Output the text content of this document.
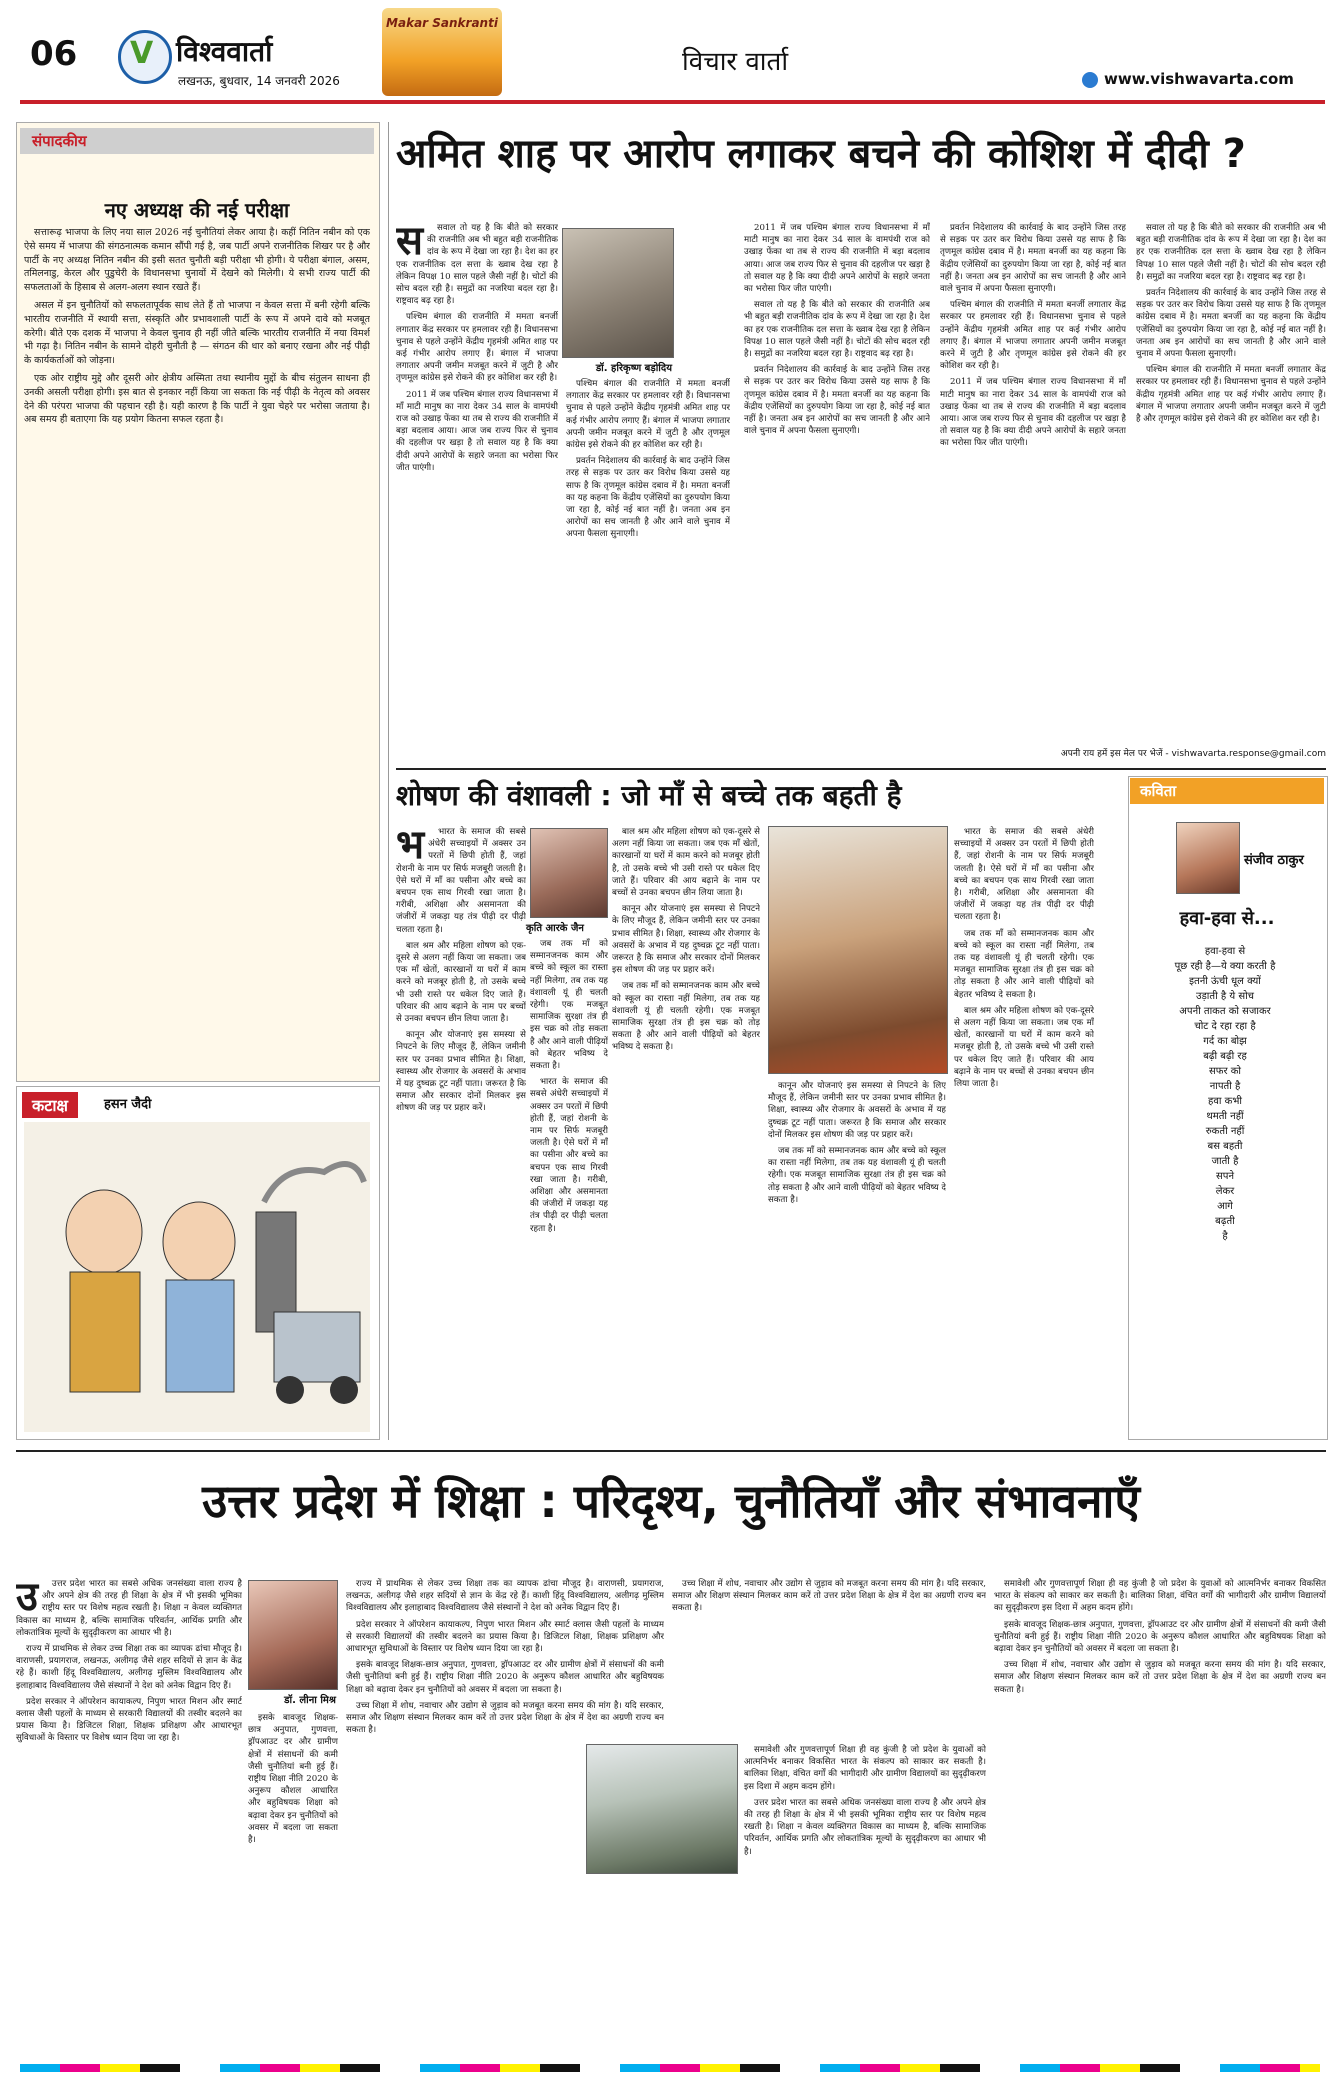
06 V विश्ववार्ता
लखनऊ, बुधवार, 14 जनवरी 2026
Makar Sankranti
विचार वार्ता
www.vishwavarta.com
संपादकीय
नए अध्यक्ष की नई परीक्षा

सत्तारूढ़ भाजपा के लिए नया साल 2026 नई चुनौतियां लेकर आया है। कहीं नितिन नबीन को एक ऐसे समय में भाजपा की संगठनात्मक कमान सौंपी गई है, जब पार्टी अपने राजनीतिक शिखर पर है और पार्टी के नए अध्यक्ष नितिन नबीन की इसी सतत चुनौती बड़ी परीक्षा भी होगी। ये परीक्षा बंगाल, असम, तमिलनाडु, केरल और पुडुचेरी के विधानसभा चुनावों में देखने को मिलेगी। ये सभी राज्य पार्टी की सफलताओं के हिसाब से अलग-अलग स्थान रखते हैं।

असल में इन चुनौतियों को सफलतापूर्वक साध लेते हैं तो भाजपा न केवल सत्ता में बनी रहेगी बल्कि भारतीय राजनीति में स्थायी सत्ता, संस्कृति और प्रभावशाली पार्टी के रूप में अपने दावे को मजबूत करेगी। बीते एक दशक में भाजपा ने केवल चुनाव ही नहीं जीते बल्कि भारतीय राजनीति में नया विमर्श भी गढ़ा है। नितिन नबीन के सामने दोहरी चुनौती है — संगठन की धार को बनाए रखना और नई पीढ़ी के कार्यकर्ताओं को जोड़ना।

एक ओर राष्ट्रीय मुद्दे और दूसरी ओर क्षेत्रीय अस्मिता तथा स्थानीय मुद्दों के बीच संतुलन साधना ही उनकी असली परीक्षा होगी। इस बात से इनकार नहीं किया जा सकता कि नई पीढ़ी के नेतृत्व को अवसर देने की परंपरा भाजपा की पहचान रही है। यही कारण है कि पार्टी ने युवा चेहरे पर भरोसा जताया है। अब समय ही बताएगा कि यह प्रयोग कितना सफल रहता है।

कटाक्ष	हसन जैदी
अमित शाह पर आरोप लगाकर बचने की कोशिश में दीदी ?
डॉ. हरिकृष्ण बड़ोदिय
स	सवाल तो यह है कि बीते को सरकार की राजनीति अब भी बहुत बड़ी राजनीतिक दांव के रूप में देखा जा रहा है। देश का हर एक राजनीतिक दल सत्ता के ख्वाब देख रहा है लेकिन विपक्ष 10 साल पहले जैसी नहीं है। चोटों की सोच बदल रही है। समुद्रों का नजरिया बदल रहा है। राष्ट्रवाद बढ़ रहा है।

पश्चिम बंगाल की राजनीति में ममता बनर्जी लगातार केंद्र सरकार पर हमलावर रही हैं। विधानसभा चुनाव से पहले उन्होंने केंद्रीय गृहमंत्री अमित शाह पर कई गंभीर आरोप लगाए हैं। बंगाल में भाजपा लगातार अपनी जमीन मजबूत करने में जुटी है और तृणमूल कांग्रेस इसे रोकने की हर कोशिश कर रही है।

2011 में जब पश्चिम बंगाल राज्य विधानसभा में माँ माटी मानुष का नारा देकर 34 साल के वामपंथी राज को उखाड़ फेंका था तब से राज्य की राजनीति में बड़ा बदलाव आया। आज जब राज्य फिर से चुनाव की दहलीज पर खड़ा है तो सवाल यह है कि क्या दीदी अपने आरोपों के सहारे जनता का भरोसा फिर जीत पाएंगी।

पश्चिम बंगाल की राजनीति में ममता बनर्जी लगातार केंद्र सरकार पर हमलावर रही हैं। विधानसभा चुनाव से पहले उन्होंने केंद्रीय गृहमंत्री अमित शाह पर कई गंभीर आरोप लगाए हैं। बंगाल में भाजपा लगातार अपनी जमीन मजबूत करने में जुटी है और तृणमूल कांग्रेस इसे रोकने की हर कोशिश कर रही है।

प्रवर्तन निदेशालय की कार्रवाई के बाद उन्होंने जिस तरह से सड़क पर उतर कर विरोध किया उससे यह साफ है कि तृणमूल कांग्रेस दबाव में है। ममता बनर्जी का यह कहना कि केंद्रीय एजेंसियों का दुरुपयोग किया जा रहा है, कोई नई बात नहीं है। जनता अब इन आरोपों का सच जानती है और आने वाले चुनाव में अपना फैसला सुनाएगी।

2011 में जब पश्चिम बंगाल राज्य विधानसभा में माँ माटी मानुष का नारा देकर 34 साल के वामपंथी राज को उखाड़ फेंका था तब से राज्य की राजनीति में बड़ा बदलाव आया। आज जब राज्य फिर से चुनाव की दहलीज पर खड़ा है तो सवाल यह है कि क्या दीदी अपने आरोपों के सहारे जनता का भरोसा फिर जीत पाएंगी।

सवाल तो यह है कि बीते को सरकार की राजनीति अब भी बहुत बड़ी राजनीतिक दांव के रूप में देखा जा रहा है। देश का हर एक राजनीतिक दल सत्ता के ख्वाब देख रहा है लेकिन विपक्ष 10 साल पहले जैसी नहीं है। चोटों की सोच बदल रही है। समुद्रों का नजरिया बदल रहा है। राष्ट्रवाद बढ़ रहा है।

प्रवर्तन निदेशालय की कार्रवाई के बाद उन्होंने जिस तरह से सड़क पर उतर कर विरोध किया उससे यह साफ है कि तृणमूल कांग्रेस दबाव में है। ममता बनर्जी का यह कहना कि केंद्रीय एजेंसियों का दुरुपयोग किया जा रहा है, कोई नई बात नहीं है। जनता अब इन आरोपों का सच जानती है और आने वाले चुनाव में अपना फैसला सुनाएगी।

प्रवर्तन निदेशालय की कार्रवाई के बाद उन्होंने जिस तरह से सड़क पर उतर कर विरोध किया उससे यह साफ है कि तृणमूल कांग्रेस दबाव में है। ममता बनर्जी का यह कहना कि केंद्रीय एजेंसियों का दुरुपयोग किया जा रहा है, कोई नई बात नहीं है। जनता अब इन आरोपों का सच जानती है और आने वाले चुनाव में अपना फैसला सुनाएगी।

पश्चिम बंगाल की राजनीति में ममता बनर्जी लगातार केंद्र सरकार पर हमलावर रही हैं। विधानसभा चुनाव से पहले उन्होंने केंद्रीय गृहमंत्री अमित शाह पर कई गंभीर आरोप लगाए हैं। बंगाल में भाजपा लगातार अपनी जमीन मजबूत करने में जुटी है और तृणमूल कांग्रेस इसे रोकने की हर कोशिश कर रही है।

2011 में जब पश्चिम बंगाल राज्य विधानसभा में माँ माटी मानुष का नारा देकर 34 साल के वामपंथी राज को उखाड़ फेंका था तब से राज्य की राजनीति में बड़ा बदलाव आया। आज जब राज्य फिर से चुनाव की दहलीज पर खड़ा है तो सवाल यह है कि क्या दीदी अपने आरोपों के सहारे जनता का भरोसा फिर जीत पाएंगी।

सवाल तो यह है कि बीते को सरकार की राजनीति अब भी बहुत बड़ी राजनीतिक दांव के रूप में देखा जा रहा है। देश का हर एक राजनीतिक दल सत्ता के ख्वाब देख रहा है लेकिन विपक्ष 10 साल पहले जैसी नहीं है। चोटों की सोच बदल रही है। समुद्रों का नजरिया बदल रहा है। राष्ट्रवाद बढ़ रहा है।

प्रवर्तन निदेशालय की कार्रवाई के बाद उन्होंने जिस तरह से सड़क पर उतर कर विरोध किया उससे यह साफ है कि तृणमूल कांग्रेस दबाव में है। ममता बनर्जी का यह कहना कि केंद्रीय एजेंसियों का दुरुपयोग किया जा रहा है, कोई नई बात नहीं है। जनता अब इन आरोपों का सच जानती है और आने वाले चुनाव में अपना फैसला सुनाएगी।

पश्चिम बंगाल की राजनीति में ममता बनर्जी लगातार केंद्र सरकार पर हमलावर रही हैं। विधानसभा चुनाव से पहले उन्होंने केंद्रीय गृहमंत्री अमित शाह पर कई गंभीर आरोप लगाए हैं। बंगाल में भाजपा लगातार अपनी जमीन मजबूत करने में जुटी है और तृणमूल कांग्रेस इसे रोकने की हर कोशिश कर रही है।

अपनी राय हमें इस मेल पर भेजें - vishwavarta.response@gmail.com
शोषण की वंशावली : जो माँ से बच्चे तक बहती है
कृति आरके जैन
भ	भारत के समाज की सबसे अंधेरी सच्चाइयों में अक्सर उन परतों में छिपी होती हैं, जहां रोशनी के नाम पर सिर्फ मजबूरी जलती है। ऐसे घरों में माँ का पसीना और बच्चे का बचपन एक साथ गिरवी रखा जाता है। गरीबी, अशिक्षा और असमानता की जंजीरों में जकड़ा यह तंत्र पीढ़ी दर पीढ़ी चलता रहता है।

बाल श्रम और महिला शोषण को एक-दूसरे से अलग नहीं किया जा सकता। जब एक माँ खेतों, कारखानों या घरों में काम करने को मजबूर होती है, तो उसके बच्चे भी उसी रास्ते पर धकेल दिए जाते हैं। परिवार की आय बढ़ाने के नाम पर बच्चों से उनका बचपन छीन लिया जाता है।

कानून और योजनाएं इस समस्या से निपटने के लिए मौजूद हैं, लेकिन जमीनी स्तर पर उनका प्रभाव सीमित है। शिक्षा, स्वास्थ्य और रोजगार के अवसरों के अभाव में यह दुष्चक्र टूट नहीं पाता। जरूरत है कि समाज और सरकार दोनों मिलकर इस शोषण की जड़ पर प्रहार करें।

जब तक माँ को सम्मानजनक काम और बच्चे को स्कूल का रास्ता नहीं मिलेगा, तब तक यह वंशावली यूं ही चलती रहेगी। एक मजबूत सामाजिक सुरक्षा तंत्र ही इस चक्र को तोड़ सकता है और आने वाली पीढ़ियों को बेहतर भविष्य दे सकता है।

भारत के समाज की सबसे अंधेरी सच्चाइयों में अक्सर उन परतों में छिपी होती हैं, जहां रोशनी के नाम पर सिर्फ मजबूरी जलती है। ऐसे घरों में माँ का पसीना और बच्चे का बचपन एक साथ गिरवी रखा जाता है। गरीबी, अशिक्षा और असमानता की जंजीरों में जकड़ा यह तंत्र पीढ़ी दर पीढ़ी चलता रहता है।

बाल श्रम और महिला शोषण को एक-दूसरे से अलग नहीं किया जा सकता। जब एक माँ खेतों, कारखानों या घरों में काम करने को मजबूर होती है, तो उसके बच्चे भी उसी रास्ते पर धकेल दिए जाते हैं। परिवार की आय बढ़ाने के नाम पर बच्चों से उनका बचपन छीन लिया जाता है।

कानून और योजनाएं इस समस्या से निपटने के लिए मौजूद हैं, लेकिन जमीनी स्तर पर उनका प्रभाव सीमित है। शिक्षा, स्वास्थ्य और रोजगार के अवसरों के अभाव में यह दुष्चक्र टूट नहीं पाता। जरूरत है कि समाज और सरकार दोनों मिलकर इस शोषण की जड़ पर प्रहार करें।

जब तक माँ को सम्मानजनक काम और बच्चे को स्कूल का रास्ता नहीं मिलेगा, तब तक यह वंशावली यूं ही चलती रहेगी। एक मजबूत सामाजिक सुरक्षा तंत्र ही इस चक्र को तोड़ सकता है और आने वाली पीढ़ियों को बेहतर भविष्य दे सकता है।

कानून और योजनाएं इस समस्या से निपटने के लिए मौजूद हैं, लेकिन जमीनी स्तर पर उनका प्रभाव सीमित है। शिक्षा, स्वास्थ्य और रोजगार के अवसरों के अभाव में यह दुष्चक्र टूट नहीं पाता। जरूरत है कि समाज और सरकार दोनों मिलकर इस शोषण की जड़ पर प्रहार करें।

जब तक माँ को सम्मानजनक काम और बच्चे को स्कूल का रास्ता नहीं मिलेगा, तब तक यह वंशावली यूं ही चलती रहेगी। एक मजबूत सामाजिक सुरक्षा तंत्र ही इस चक्र को तोड़ सकता है और आने वाली पीढ़ियों को बेहतर भविष्य दे सकता है।

भारत के समाज की सबसे अंधेरी सच्चाइयों में अक्सर उन परतों में छिपी होती हैं, जहां रोशनी के नाम पर सिर्फ मजबूरी जलती है। ऐसे घरों में माँ का पसीना और बच्चे का बचपन एक साथ गिरवी रखा जाता है। गरीबी, अशिक्षा और असमानता की जंजीरों में जकड़ा यह तंत्र पीढ़ी दर पीढ़ी चलता रहता है।

जब तक माँ को सम्मानजनक काम और बच्चे को स्कूल का रास्ता नहीं मिलेगा, तब तक यह वंशावली यूं ही चलती रहेगी। एक मजबूत सामाजिक सुरक्षा तंत्र ही इस चक्र को तोड़ सकता है और आने वाली पीढ़ियों को बेहतर भविष्य दे सकता है।

बाल श्रम और महिला शोषण को एक-दूसरे से अलग नहीं किया जा सकता। जब एक माँ खेतों, कारखानों या घरों में काम करने को मजबूर होती है, तो उसके बच्चे भी उसी रास्ते पर धकेल दिए जाते हैं। परिवार की आय बढ़ाने के नाम पर बच्चों से उनका बचपन छीन लिया जाता है।

कविता
संजीव ठाकुर
हवा-हवा से...
हवा-हवा से
पूछ रही है—ये क्या करती है
इतनी ऊंची धूल क्यों
उड़ाती है ये सोच
अपनी ताकत को सजाकर
चोट दे रहा रहा है
गर्द का बोझ
बढ़ी बढ़ी रह
सफर को
नापती है
हवा कभी
थमती नहीं
रुकती नहीं
बस बहती
जाती है
सपने
लेकर
आगे
बढ़ती
है
उत्तर प्रदेश में शिक्षा : परिदृश्य, चुनौतियाँ और संभावनाएँ
डॉ. लीना मिश्र
उ	उत्तर प्रदेश भारत का सबसे अधिक जनसंख्या वाला राज्य है और अपने क्षेत्र की तरह ही शिक्षा के क्षेत्र में भी इसकी भूमिका राष्ट्रीय स्तर पर विशेष महत्व रखती है। शिक्षा न केवल व्यक्तिगत विकास का माध्यम है, बल्कि सामाजिक परिवर्तन, आर्थिक प्रगति और लोकतांत्रिक मूल्यों के सुदृढ़ीकरण का आधार भी है।

राज्य में प्राथमिक से लेकर उच्च शिक्षा तक का व्यापक ढांचा मौजूद है। वाराणसी, प्रयागराज, लखनऊ, अलीगढ़ जैसे शहर सदियों से ज्ञान के केंद्र रहे हैं। काशी हिंदू विश्वविद्यालय, अलीगढ़ मुस्लिम विश्वविद्यालय और इलाहाबाद विश्वविद्यालय जैसे संस्थानों ने देश को अनेक विद्वान दिए हैं।

प्रदेश सरकार ने ऑपरेशन कायाकल्प, निपुण भारत मिशन और स्मार्ट क्लास जैसी पहलों के माध्यम से सरकारी विद्यालयों की तस्वीर बदलने का प्रयास किया है। डिजिटल शिक्षा, शिक्षक प्रशिक्षण और आधारभूत सुविधाओं के विस्तार पर विशेष ध्यान दिया जा रहा है।

इसके बावजूद शिक्षक-छात्र अनुपात, गुणवत्ता, ड्रॉपआउट दर और ग्रामीण क्षेत्रों में संसाधनों की कमी जैसी चुनौतियां बनी हुई हैं। राष्ट्रीय शिक्षा नीति 2020 के अनुरूप कौशल आधारित और बहुविषयक शिक्षा को बढ़ावा देकर इन चुनौतियों को अवसर में बदला जा सकता है।

राज्य में प्राथमिक से लेकर उच्च शिक्षा तक का व्यापक ढांचा मौजूद है। वाराणसी, प्रयागराज, लखनऊ, अलीगढ़ जैसे शहर सदियों से ज्ञान के केंद्र रहे हैं। काशी हिंदू विश्वविद्यालय, अलीगढ़ मुस्लिम विश्वविद्यालय और इलाहाबाद विश्वविद्यालय जैसे संस्थानों ने देश को अनेक विद्वान दिए हैं।

प्रदेश सरकार ने ऑपरेशन कायाकल्प, निपुण भारत मिशन और स्मार्ट क्लास जैसी पहलों के माध्यम से सरकारी विद्यालयों की तस्वीर बदलने का प्रयास किया है। डिजिटल शिक्षा, शिक्षक प्रशिक्षण और आधारभूत सुविधाओं के विस्तार पर विशेष ध्यान दिया जा रहा है।

इसके बावजूद शिक्षक-छात्र अनुपात, गुणवत्ता, ड्रॉपआउट दर और ग्रामीण क्षेत्रों में संसाधनों की कमी जैसी चुनौतियां बनी हुई हैं। राष्ट्रीय शिक्षा नीति 2020 के अनुरूप कौशल आधारित और बहुविषयक शिक्षा को बढ़ावा देकर इन चुनौतियों को अवसर में बदला जा सकता है।

उच्च शिक्षा में शोध, नवाचार और उद्योग से जुड़ाव को मजबूत करना समय की मांग है। यदि सरकार, समाज और शिक्षण संस्थान मिलकर काम करें तो उत्तर प्रदेश शिक्षा के क्षेत्र में देश का अग्रणी राज्य बन सकता है।

उच्च शिक्षा में शोध, नवाचार और उद्योग से जुड़ाव को मजबूत करना समय की मांग है। यदि सरकार, समाज और शिक्षण संस्थान मिलकर काम करें तो उत्तर प्रदेश शिक्षा के क्षेत्र में देश का अग्रणी राज्य बन सकता है।

समावेशी और गुणवत्तापूर्ण शिक्षा ही वह कुंजी है जो प्रदेश के युवाओं को आत्मनिर्भर बनाकर विकसित भारत के संकल्प को साकार कर सकती है। बालिका शिक्षा, वंचित वर्गों की भागीदारी और ग्रामीण विद्यालयों का सुदृढ़ीकरण इस दिशा में अहम कदम होंगे।

उत्तर प्रदेश भारत का सबसे अधिक जनसंख्या वाला राज्य है और अपने क्षेत्र की तरह ही शिक्षा के क्षेत्र में भी इसकी भूमिका राष्ट्रीय स्तर पर विशेष महत्व रखती है। शिक्षा न केवल व्यक्तिगत विकास का माध्यम है, बल्कि सामाजिक परिवर्तन, आर्थिक प्रगति और लोकतांत्रिक मूल्यों के सुदृढ़ीकरण का आधार भी है।

समावेशी और गुणवत्तापूर्ण शिक्षा ही वह कुंजी है जो प्रदेश के युवाओं को आत्मनिर्भर बनाकर विकसित भारत के संकल्प को साकार कर सकती है। बालिका शिक्षा, वंचित वर्गों की भागीदारी और ग्रामीण विद्यालयों का सुदृढ़ीकरण इस दिशा में अहम कदम होंगे।

इसके बावजूद शिक्षक-छात्र अनुपात, गुणवत्ता, ड्रॉपआउट दर और ग्रामीण क्षेत्रों में संसाधनों की कमी जैसी चुनौतियां बनी हुई हैं। राष्ट्रीय शिक्षा नीति 2020 के अनुरूप कौशल आधारित और बहुविषयक शिक्षा को बढ़ावा देकर इन चुनौतियों को अवसर में बदला जा सकता है।

उच्च शिक्षा में शोध, नवाचार और उद्योग से जुड़ाव को मजबूत करना समय की मांग है। यदि सरकार, समाज और शिक्षण संस्थान मिलकर काम करें तो उत्तर प्रदेश शिक्षा के क्षेत्र में देश का अग्रणी राज्य बन सकता है।
